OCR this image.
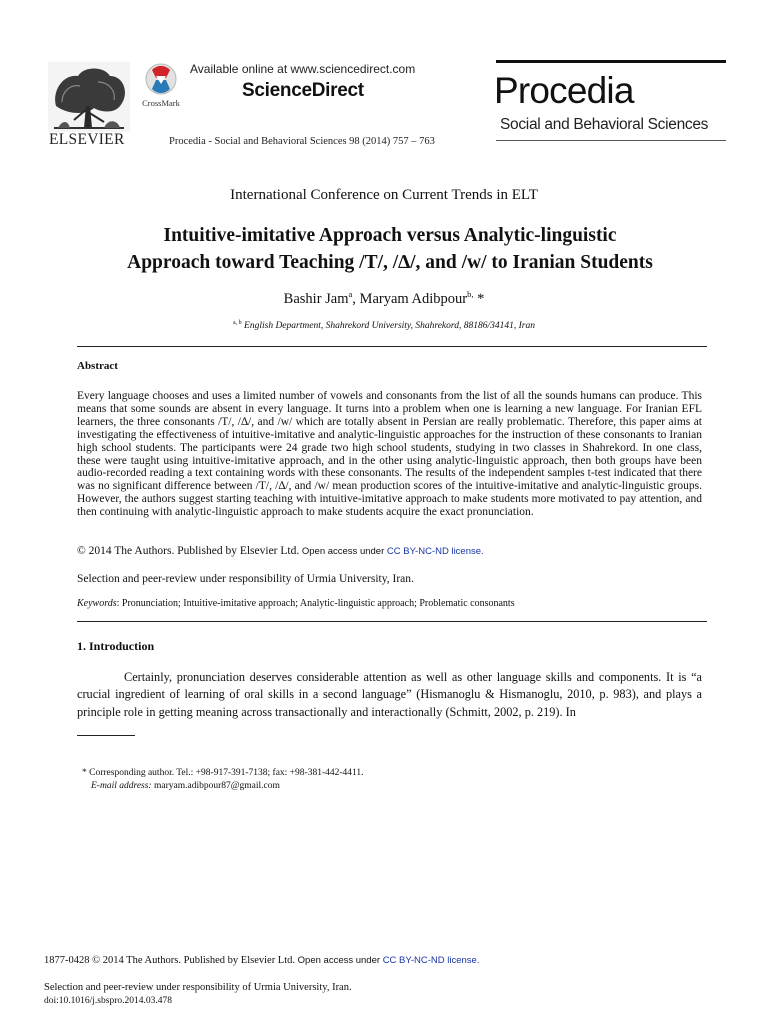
ELSEVIER
CrossMark
Available online at www.sciencedirect.com
ScienceDirect
Procedia - Social and Behavioral Sciences 98 (2014) 757 – 763
Procedia
Social and Behavioral Sciences
International Conference on Current Trends in ELT
Intuitive-imitative Approach versus Analytic-linguistic
Approach toward Teaching /T/, /∆/, and /w/ to Iranian Students
Bashir Jam$^a$, Maryam Adibpour$^{b,}$ *
$^{a, b}$ English Department, Shahrekord University, Shahrekord, 88186/34141, Iran
Abstract
Every language chooses and uses a limited number of vowels and consonants from the list of all the sounds humans can produce. This means that some sounds are absent in every language. It turns into a problem when one is learning a new language. For Iranian EFL learners, the three consonants /T/, /∆/, and /w/ which are totally absent in Persian are really problematic. Therefore, this paper aims at investigating the effectiveness of intuitive-imitative and analytic-linguistic approaches for the instruction of these consonants to Iranian high school students. The participants were 24 grade two high school students, studying in two classes in Shahrekord. In one class, these were taught using intuitive-imitative approach, and in the other using analytic-linguistic approach, then both groups have been audio-recorded reading a text containing words with these consonants. The results of the independent samples t-test indicated that there was no significant difference between /T/, /∆/, and /w/ mean production scores of the intuitive-imitative and analytic-linguistic groups. However, the authors suggest starting teaching with intuitive-imitative approach to make students more motivated to pay attention, and then continuing with analytic-linguistic approach to make students acquire the exact pronunciation.
© 2014 The Authors. Published by Elsevier Ltd. Open access under CC BY-NC-ND license.
Selection and peer-review under responsibility of Urmia University, Iran.
Keywords: Pronunciation; Intuitive-imitative approach; Analytic-linguistic approach; Problematic consonants
1. Introduction
Certainly, pronunciation deserves considerable attention as well as other language skills and components. It is “a crucial ingredient of learning of oral skills in a second language” (Hismanoglu & Hismanoglu, 2010, p. 983), and plays a principle role in getting meaning across transactionally and interactionally (Schmitt, 2002, p. 219). In
* Corresponding author. Tel.: +98-917-391-7138; fax: +98-381-442-4411.
E-mail address: maryam.adibpour87@gmail.com
1877-0428 © 2014 The Authors. Published by Elsevier Ltd. Open access under CC BY-NC-ND license.
Selection and peer-review under responsibility of Urmia University, Iran.
doi:10.1016/j.sbspro.2014.03.478
